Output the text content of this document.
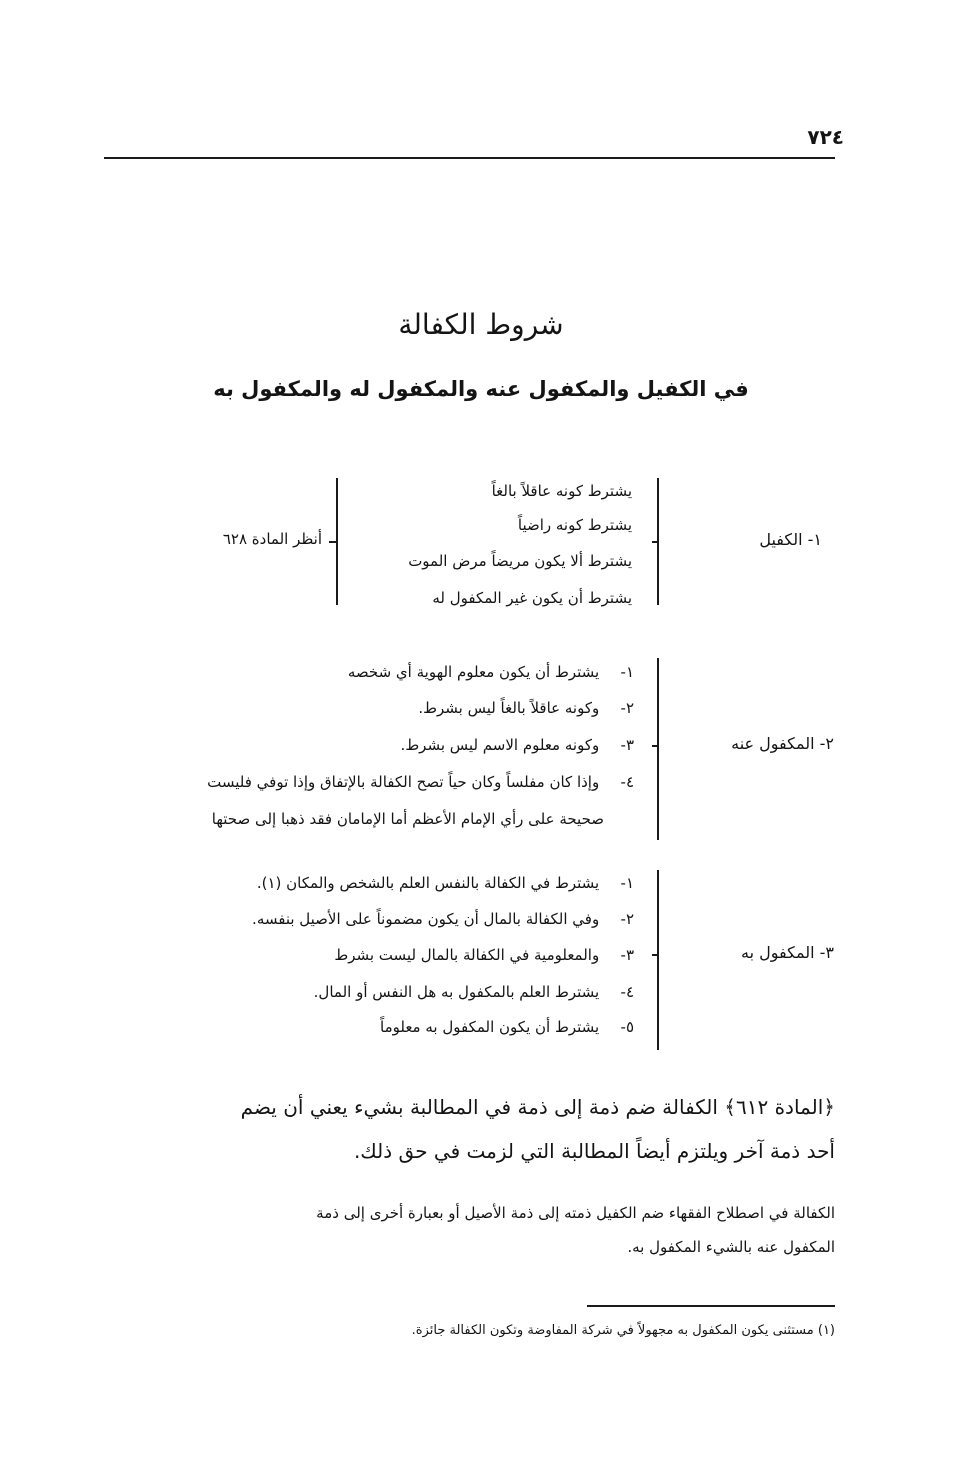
٧٢٤
شروط الكفالة
في الكفيل والمكفول عنه والمكفول له والمكفول به
١- الكفيل
يشترط كونه عاقلاً بالغاً
يشترط كونه راضياً
يشترط ألا يكون مريضاً مرض الموت
يشترط أن يكون غير المكفول له
أنظر المادة ٦٢٨
٢- المكفول عنه
١- يشترط أن يكون معلوم الهوية أي شخصه
٢- وكونه عاقلاً بالغاً ليس بشرط.
٣- وكونه معلوم الاسم ليس بشرط.
٤- وإذا كان مفلساً وكان حياً تصح الكفالة بالإتفاق وإذا توفي فليست
صحيحة على رأي الإمام الأعظم أما الإمامان فقد ذهبا إلى صحتها
٣- المكفول به
١- يشترط في الكفالة بالنفس العلم بالشخص والمكان (١).
٢- وفي الكفالة بالمال أن يكون مضموناً على الأصيل بنفسه.
٣- والمعلومية في الكفالة بالمال ليست بشرط
٤- يشترط العلم بالمكفول به هل النفس أو المال.
٥- يشترط أن يكون المكفول به معلوماً
﴿المادة ٦١٢﴾ الكفالة ضم ذمة إلى ذمة في المطالبة بشيء يعني أن يضم
أحد ذمة آخر ويلتزم أيضاً المطالبة التي لزمت في حق ذلك.
الكفالة في اصطلاح الفقهاء ضم الكفيل ذمته إلى ذمة الأصيل أو بعبارة أخرى إلى ذمة
المكفول عنه بالشيء المكفول به.
(١) مستثنى يكون المكفول به مجهولاً في شركة المفاوضة وتكون الكفالة جائزة.
